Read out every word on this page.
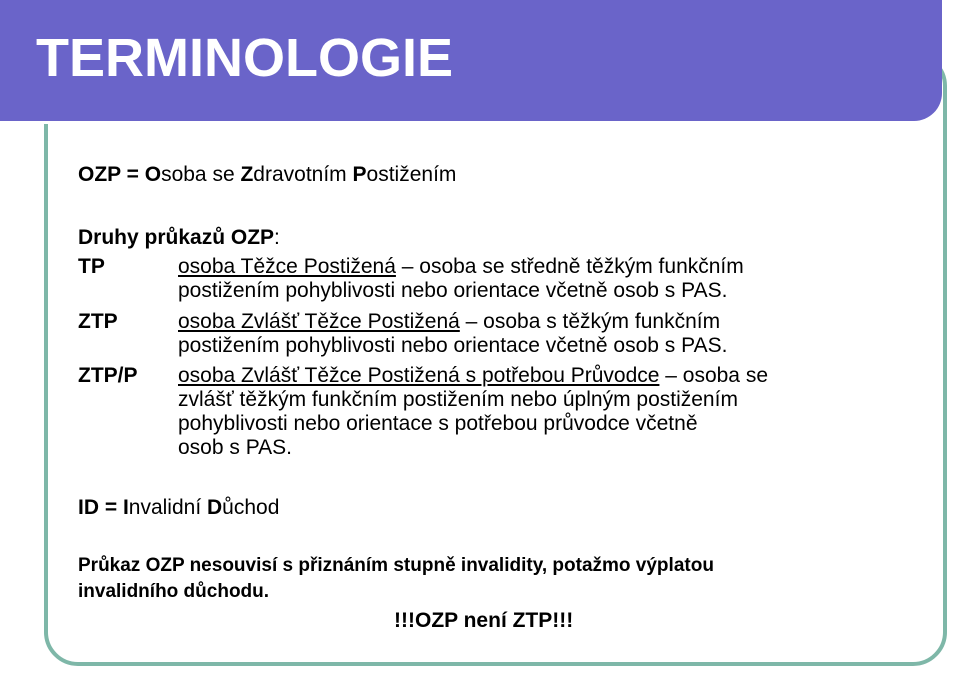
TERMINOLOGIE
OZP = Osoba se Zdravotním Postižením
Druhy průkazů OZP:
TP	osoba Těžce Postižená – osoba se středně těžkým funkčním
postižením pohyblivosti nebo orientace včetně osob s PAS.
ZTP	osoba Zvlášť Těžce Postižená – osoba s těžkým funkčním
postižením pohyblivosti nebo orientace včetně osob s PAS.
ZTP/P osoba Zvlášť Těžce Postižená s potřebou Průvodce – osoba se
zvlášť těžkým funkčním postižením nebo úplným postižením
pohyblivosti nebo orientace s potřebou průvodce včetně
osob s PAS.
ID = Invalidní Důchod
Průkaz OZP nesouvisí s přiznáním stupně invalidity, potažmo výplatou
invalidního důchodu.
!!!OZP není ZTP!!!
